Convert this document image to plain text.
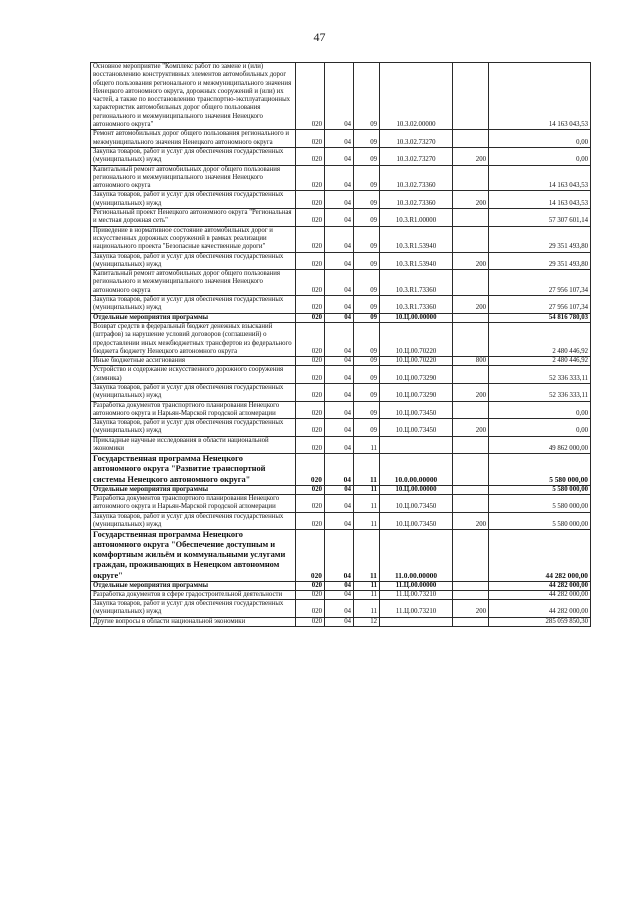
47
Основное мероприятие "Комплекс работ по замене и (или) восстановлению конструктивных элементов автомобильных дорог общего пользования регионального и межмуниципального значения Ненецкого автономного округа, дорожных сооружений и (или) их частей, а также по восстановлению транспортно-эксплуатационных характеристик автомобильных дорог общего пользования регионального и межмуниципального значения Ненецкого автономного округа"	020	04	09	10.3.02.00000		14 163 043,53
Ремонт автомобильных дорог общего пользования регионального и межмуниципального значения Ненецкого автономного округа	020	04	09	10.3.02.73270		0,00
Закупка товаров, работ и услуг для обеспечения государственных (муниципальных) нужд	020	04	09	10.3.02.73270	200	0,00
Капитальный ремонт автомобильных дорог общего пользования регионального и межмуниципального значения Ненецкого автономного округа	020	04	09	10.3.02.73360		14 163 043,53
Закупка товаров, работ и услуг для обеспечения государственных (муниципальных) нужд	020	04	09	10.3.02.73360	200	14 163 043,53
Региональный проект Ненецкого автономного округа "Региональная и местная дорожная сеть"	020	04	09	10.3.R1.00000		57 307 601,14
Приведение в нормативное состояние автомобильных дорог и искусственных дорожных сооружений в рамках реализации национального проекта "Безопасные качественные дороги"	020	04	09	10.3.R1.53940		29 351 493,80
Закупка товаров, работ и услуг для обеспечения государственных (муниципальных) нужд	020	04	09	10.3.R1.53940	200	29 351 493,80
Капитальный ремонт автомобильных дорог общего пользования регионального и межмуниципального значения Ненецкого автономного округа	020	04	09	10.3.R1.73360		27 956 107,34
Закупка товаров, работ и услуг для обеспечения государственных (муниципальных) нужд	020	04	09	10.3.R1.73360	200	27 956 107,34
Отдельные мероприятия программы	020	04	09	10.Ц.00.00000		54 816 780,03
Возврат средств в федеральный бюджет денежных взысканий (штрафов) за нарушение условий договоров (соглашений) о предоставлении иных межбюджетных трансфертов из федерального бюджета бюджету Ненецкого автономного округа	020	04	09	10.Ц.00.70220		2 480 446,92
Иные бюджетные ассигнования	020	04	09	10.Ц.00.70220	800	2 480 446,92
Устройство и содержание искусственного дорожного сооружения (зимника)	020	04	09	10.Ц.00.73290		52 336 333,11
Закупка товаров, работ и услуг для обеспечения государственных (муниципальных) нужд	020	04	09	10.Ц.00.73290	200	52 336 333,11
Разработка документов транспортного планирования Ненецкого автономного округа и Нарьян-Марской городской агломерации	020	04	09	10.Ц.00.73450		0,00
Закупка товаров, работ и услуг для обеспечения государственных (муниципальных) нужд	020	04	09	10.Ц.00.73450	200	0,00
Прикладные научные исследования в области национальной экономики	020	04	11			49 862 000,00
Государственная программа Ненецкого автономного округа "Развитие транспортной системы Ненецкого автономного округа"	020	04	11	10.0.00.00000		5 580 000,00
Отдельные мероприятия программы	020	04	11	10.Ц.00.00000		5 580 000,00
Разработка документов транспортного планирования Ненецкого автономного округа и Нарьян-Марской городской агломерации	020	04	11	10.Ц.00.73450		5 580 000,00
Закупка товаров, работ и услуг для обеспечения государственных (муниципальных) нужд	020	04	11	10.Ц.00.73450	200	5 580 000,00
Государственная программа Ненецкого автономного округа "Обеспечение доступным и комфортным жильём и коммунальными услугами граждан, проживающих в Ненецком автономном округе"	020	04	11	11.0.00.00000		44 282 000,00
Отдельные мероприятия программы	020	04	11	11.Ц.00.00000		44 282 000,00
Разработка документов в сфере градостроительной деятельности	020	04	11	11.Ц.00.73210		44 282 000,00
Закупка товаров, работ и услуг для обеспечения государственных (муниципальных) нужд	020	04	11	11.Ц.00.73210	200	44 282 000,00
Другие вопросы в области национальной экономики	020	04	12			285 059 850,30
